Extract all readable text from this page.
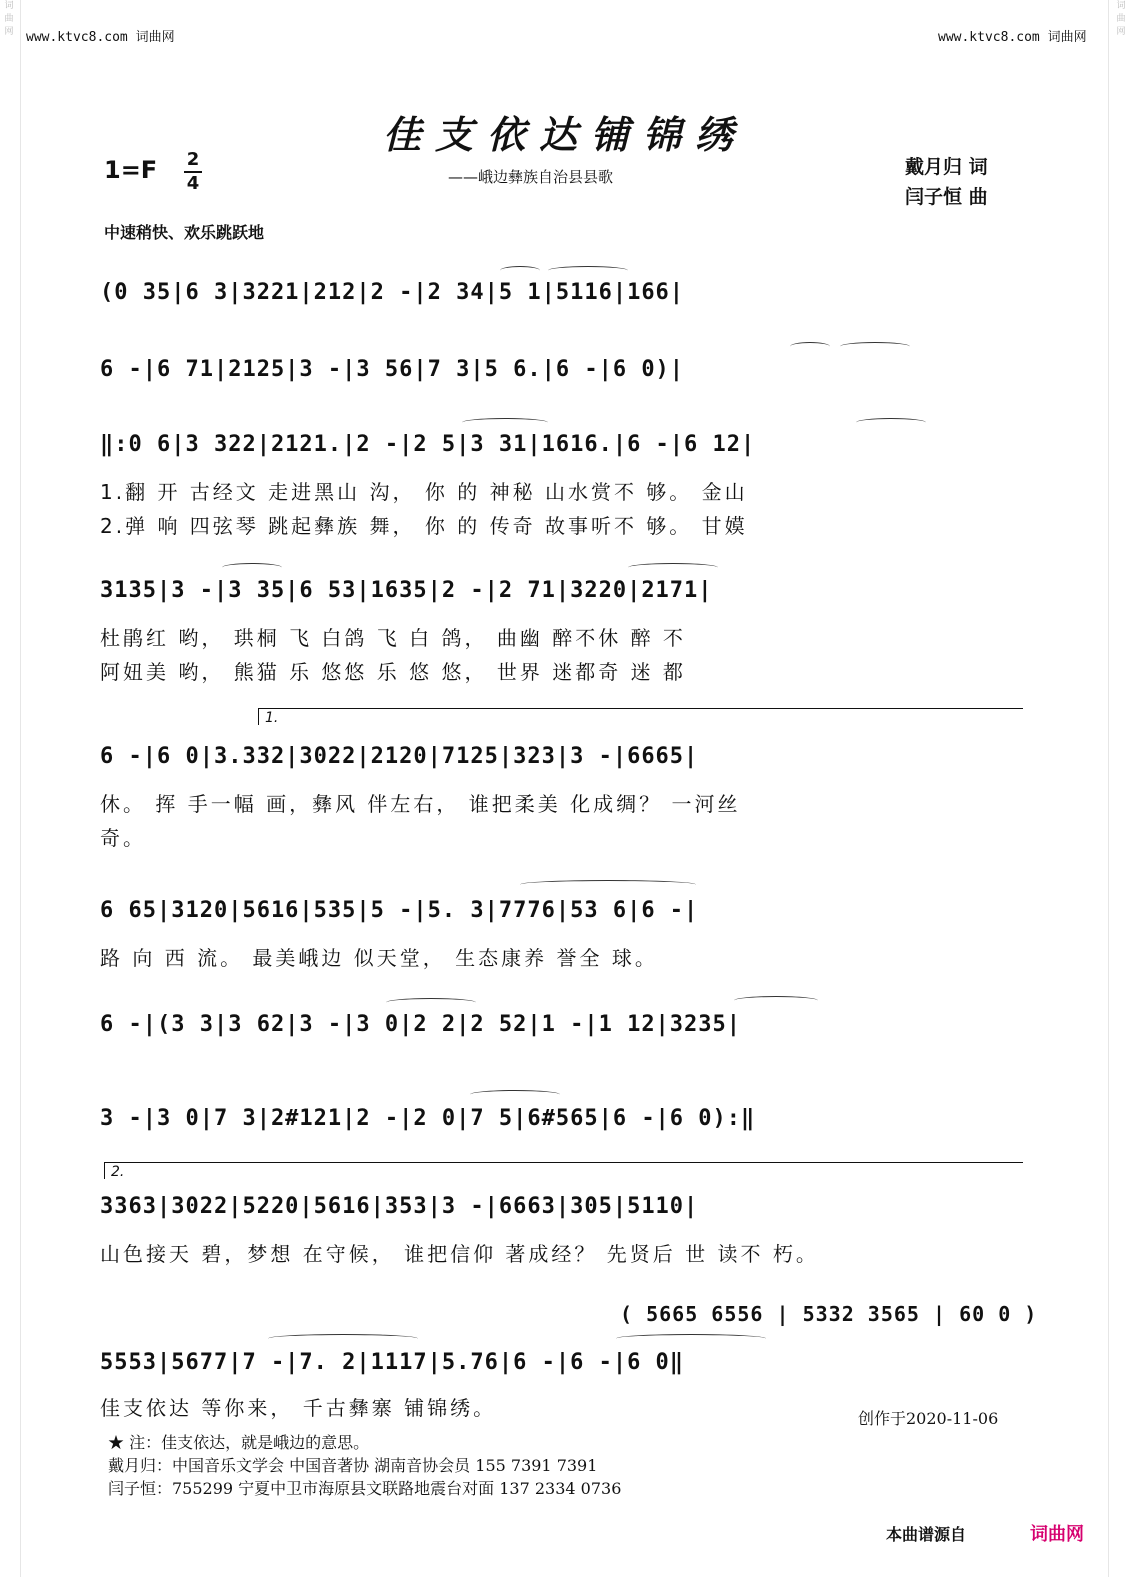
词曲网
词曲网
www.ktvc8.com 词曲网	www.ktvc8.com 词曲网
佳支依达铺锦绣
1=F 2
4	——峨边彝族自治县县歌	戴月归 词
闫子恒 曲
中速稍快、欢乐跳跃地
(0 35|6 3|3221|212|2 -|2 34|5 1|5116|166|
6 -|6 71|2125|3 -|3 56|7 3|5 6.|6 -|6 0)|
‖:0 6|3 322|2121.|2 -|2 5|3 31|1616.|6 -|6 12|
1.翻 开 古经文 走进黑山 沟， 你 的 神秘 山水赏不 够。 金山
2.弹 响 四弦琴 跳起彝族 舞， 你 的 传奇 故事听不 够。 甘嫫
3135|3 -|3 35|6 53|1635|2 -|2 71|3220|2171|
杜鹃红 哟， 珙桐 飞 白鸽 飞 白 鸽， 曲幽 醉不休 醉 不
阿妞美 哟， 熊猫 乐 悠悠 乐 悠 悠， 世界 迷都奇 迷 都
1.
6 -|6 0|3.332|3022|2120|7125|323|3 -|6665|
休。 挥 手一幅 画，彝风 伴左右， 谁把柔美 化成绸？ 一河丝
奇。
6 65|3120|5616|535|5 -|5. 3|7776|53 6|6 -|
路 向 西 流。 最美峨边 似天堂， 生态康养 誉全 球。
6 -|(3 3|3 62|3 -|3 0|2 2|2 52|1 -|1 12|3235|
3 -|3 0|7 3|2#121|2 -|2 0|7 5|6#565|6 -|6 0):‖
2.
3363|3022|5220|5616|353|3 -|6663|305|5110|
山色接天 碧，梦想 在守候， 谁把信仰 著成经？ 先贤后 世 读不 朽。
( 5665 6556 | 5332 3565 | 60 0 )
5553|5677|7 -|7. 2|1117|5.76|6 -|6 -|6 0‖
佳支依达 等你来， 千古彝寨 铺锦绣。	创作于2020-11-06
★ 注：佳支依达，就是峨边的意思。
戴月归：中国音乐文学会 中国音著协 湖南音协会员 155 7391 7391
闫子恒：755299 宁夏中卫市海原县文联路地震台对面 137 2334 0736
本曲谱源自	词曲网
